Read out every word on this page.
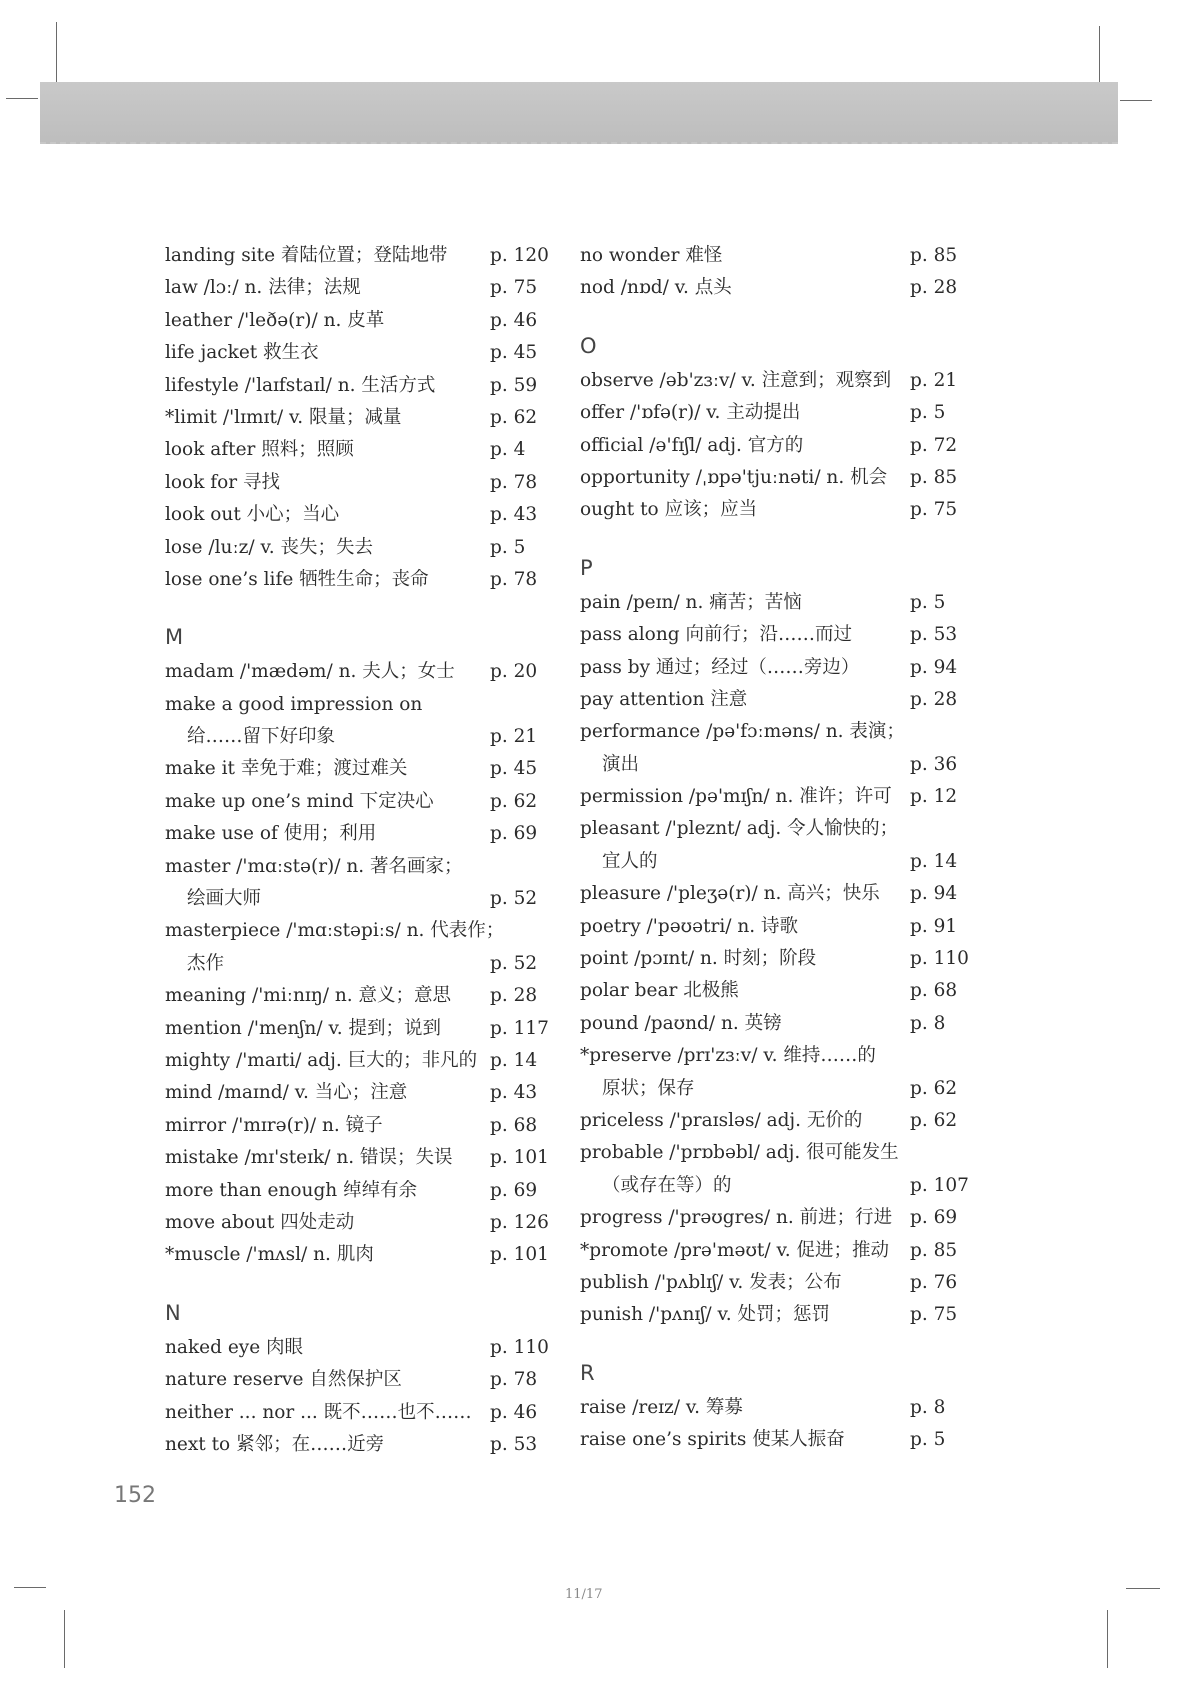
landing site 着陆位置；登陆地带 p. 120
law /lɔː/ n. 法律；法规	p. 75
leather /'leðə(r)/ n. 皮革	p. 46
life jacket 救生衣	p. 45
lifestyle /'laɪfstaɪl/ n. 生活方式	p. 59
*limit /'lɪmɪt/ v. 限量；减量	p. 62
look after 照料；照顾	p. 4
look for 寻找	p. 78
look out 小心；当心	p. 43
lose /luːz/ v. 丧失；失去	p. 5
lose one’s life 牺牲生命；丧命	p. 78
M
madam /'mædəm/ n. 夫人；女士 p. 20
make a good impression on
给……留下好印象	p. 21
make it 幸免于难；渡过难关	p. 45
make up one’s mind 下定决心	p. 62
make use of 使用；利用	p. 69
master /'mɑːstə(r)/ n. 著名画家；
绘画大师	p. 52
masterpiece /'mɑːstəpiːs/ n. 代表作；
杰作	p. 52
meaning /'miːnɪŋ/ n. 意义；意思 p. 28
mention /'menʃn/ v. 提到；说到	p. 117
mighty /'maɪti/ adj. 巨大的；非凡的 p. 14
mind /maɪnd/ v. 当心；注意	p. 43
mirror /'mɪrə(r)/ n. 镜子	p. 68
mistake /mɪ'steɪk/ n. 错误；失误 p. 101
more than enough 绰绰有余	p. 69
move about 四处走动	p. 126
*muscle /'mʌsl/ n. 肌肉	p. 101
N
naked eye 肉眼	p. 110
nature reserve 自然保护区	p. 78
neither ... nor ... 既不……也不…… p. 46
next to 紧邻；在……近旁	p. 53
no wonder 难怪	p. 85
nod /nɒd/ v. 点头	p. 28
O
observe /əb'zɜːv/ v. 注意到；观察到 p. 21
offer /'ɒfə(r)/ v. 主动提出	p. 5
official /ə'fɪʃl/ adj. 官方的	p. 72
opportunity /ˌɒpə'tjuːnəti/ n. 机会 p. 85
ought to 应该；应当	p. 75
P
pain /peɪn/ n. 痛苦；苦恼	p. 5
pass along 向前行；沿……而过	p. 53
pass by 通过；经过（……旁边）	p. 94
pay attention 注意	p. 28
performance /pə'fɔːməns/ n. 表演；
演出	p. 36
permission /pə'mɪʃn/ n. 准许；许可 p. 12
pleasant /'pleznt/ adj. 令人愉快的；
宜人的	p. 14
pleasure /'pleʒə(r)/ n. 高兴；快乐 p. 94
poetry /'pəʊətri/ n. 诗歌	p. 91
point /pɔɪnt/ n. 时刻；阶段	p. 110
polar bear 北极熊	p. 68
pound /paʊnd/ n. 英镑	p. 8
*preserve /prɪ'zɜːv/ v. 维持……的
原状；保存	p. 62
priceless /'praɪsləs/ adj. 无价的	p. 62
probable /'prɒbəbl/ adj. 很可能发生
（或存在等）的	p. 107
progress /'prəʊgres/ n. 前进；行进 p. 69
*promote /prə'məʊt/ v. 促进；推动 p. 85
publish /'pʌblɪʃ/ v. 发表；公布	p. 76
punish /'pʌnɪʃ/ v. 处罚；惩罚	p. 75
R
raise /reɪz/ v. 筹募	p. 8
raise one’s spirits 使某人振奋	p. 5
152
11/17
